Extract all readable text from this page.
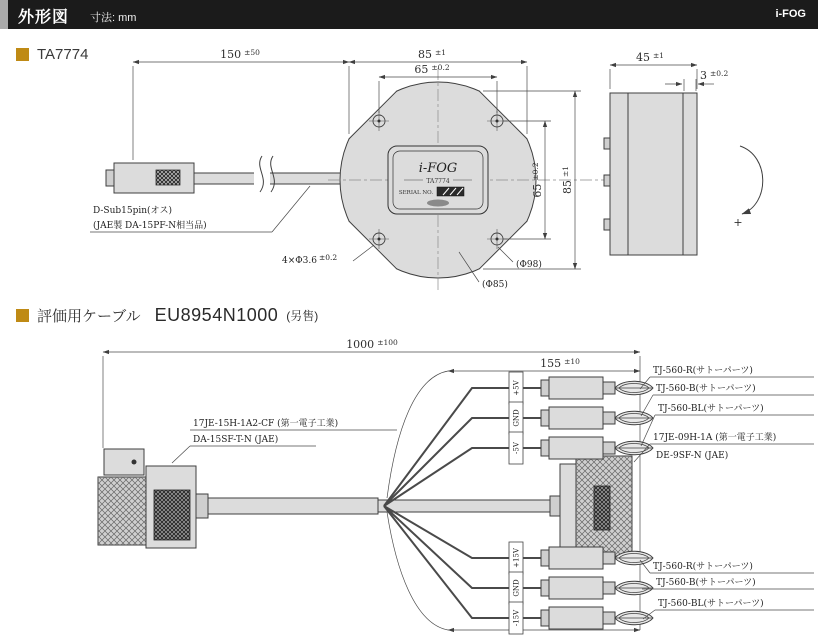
外形図 寸法: mm	i-FOG
TA7774
i-FOG
TA7774
SERIAL NO.
+
150 $^{\pm 50}$	85 $^{\pm 1}$
65 $^{\pm 0.2}$
$65^{\pm 0.2}$
$85^{\pm 1}$
45 $^{\pm 1}$
3 $^{\pm 0.2}$
4×Φ3.6 $^{\pm 0.2}$
(Φ98)
(Φ85)
D-Sub15pin(オス)
(JAE製 DA-15PF-N相当品)
評価用ケーブル EU8954N1000 (另售)
1000 $^{\pm 100}$
155 $^{\pm 10}$
+5V
GND
-5V
+15V
GND
-15V
17JE-15H-1A2-CF (第一電子工業)
DA-15SF-T-N (JAE)
TJ-560-R(サトーパーツ)
TJ-560-B(サトーパーツ)
TJ-560-BL(サトーパーツ)
17JE-09H-1A (第一電子工業)
DE-9SF-N (JAE)
TJ-560-R(サトーパーツ)
TJ-560-B(サトーパーツ)
TJ-560-BL(サトーパーツ)
